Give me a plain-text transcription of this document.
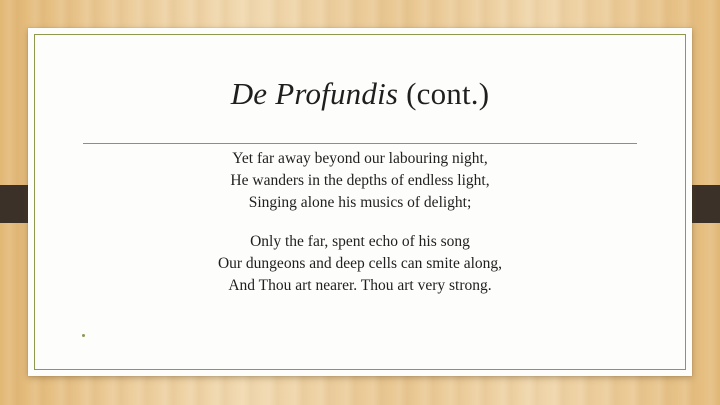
De Profundis (cont.)
Yet far away beyond our labouring night,
He wanders in the depths of endless light,
Singing alone his musics of delight;
Only the far, spent echo of his song
Our dungeons and deep cells can smite along,
And Thou art nearer. Thou art very strong.
